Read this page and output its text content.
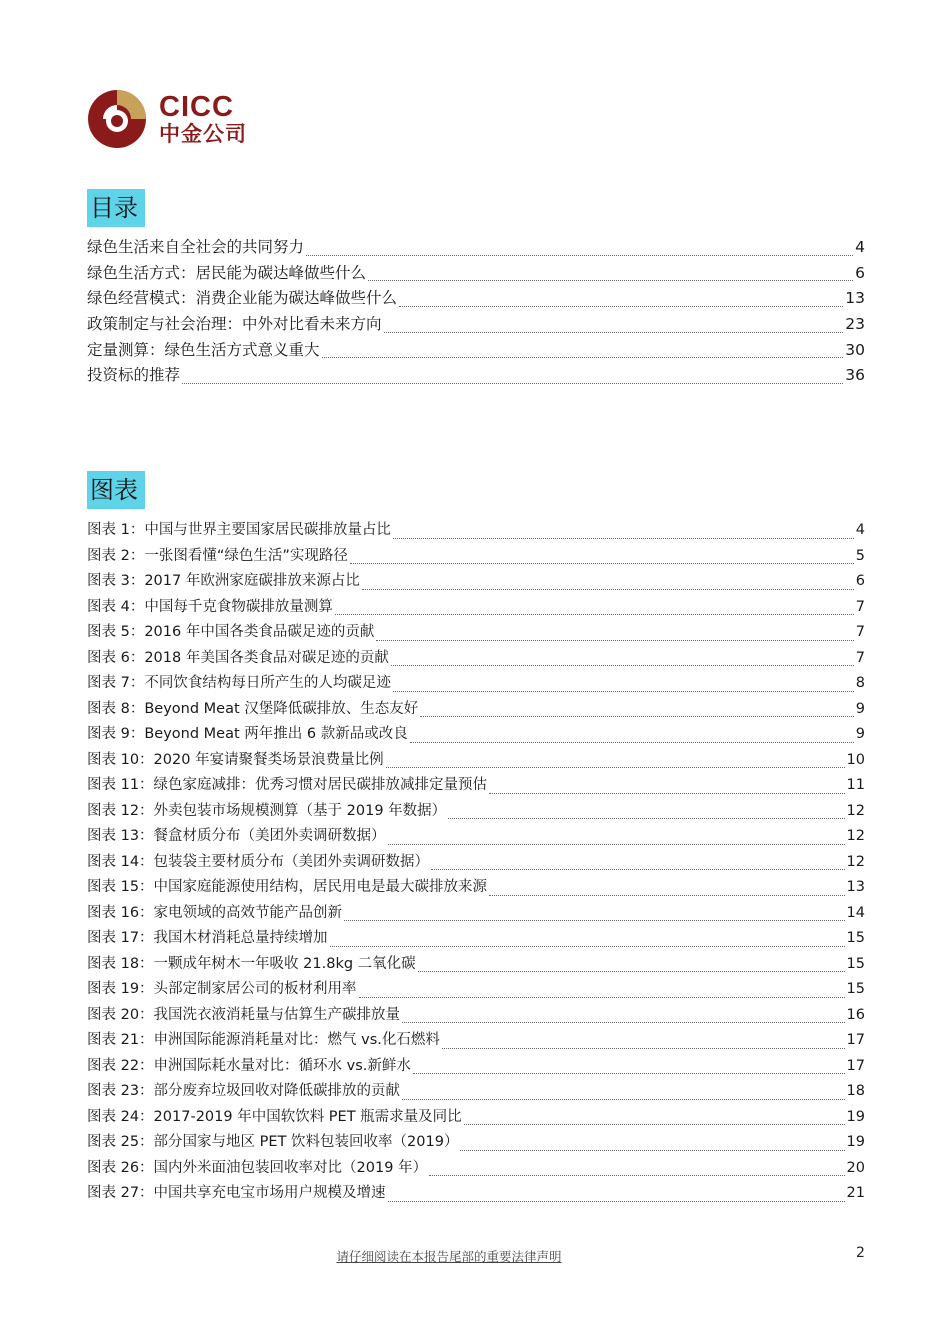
CICC
中金公司
目录
绿色生活来自全社会的共同努力	4
绿色生活方式：居民能为碳达峰做些什么	6
绿色经营模式：消费企业能为碳达峰做些什么	13
政策制定与社会治理：中外对比看未来方向	23
定量测算：绿色生活方式意义重大	30
投资标的推荐	36
图表
图表 1：中国与世界主要国家居民碳排放量占比	4
图表 2：一张图看懂“绿色生活”实现路径	5
图表 3：2017 年欧洲家庭碳排放来源占比	6
图表 4：中国每千克食物碳排放量测算	7
图表 5：2016 年中国各类食品碳足迹的贡献	7
图表 6：2018 年美国各类食品对碳足迹的贡献	7
图表 7：不同饮食结构每日所产生的人均碳足迹	8
图表 8：Beyond Meat 汉堡降低碳排放、生态友好	9
图表 9：Beyond Meat 两年推出 6 款新品或改良	9
图表 10：2020 年宴请聚餐类场景浪费量比例	10
图表 11：绿色家庭减排：优秀习惯对居民碳排放减排定量预估	11
图表 12：外卖包装市场规模测算（基于 2019 年数据）	12
图表 13：餐盒材质分布（美团外卖调研数据）	12
图表 14：包装袋主要材质分布（美团外卖调研数据）	12
图表 15：中国家庭能源使用结构，居民用电是最大碳排放来源	13
图表 16：家电领域的高效节能产品创新	14
图表 17：我国木材消耗总量持续增加	15
图表 18：一颗成年树木一年吸收 21.8kg 二氧化碳	15
图表 19：头部定制家居公司的板材利用率	15
图表 20：我国洗衣液消耗量与估算生产碳排放量	16
图表 21：申洲国际能源消耗量对比：燃气 vs.化石燃料	17
图表 22：申洲国际耗水量对比：循环水 vs.新鲜水	17
图表 23：部分废弃垃圾回收对降低碳排放的贡献	18
图表 24：2017-2019 年中国软饮料 PET 瓶需求量及同比	19
图表 25：部分国家与地区 PET 饮料包装回收率（2019）	19
图表 26：国内外米面油包装回收率对比（2019 年）	20
图表 27：中国共享充电宝市场用户规模及增速	21
请仔细阅读在本报告尾部的重要法律声明	2
